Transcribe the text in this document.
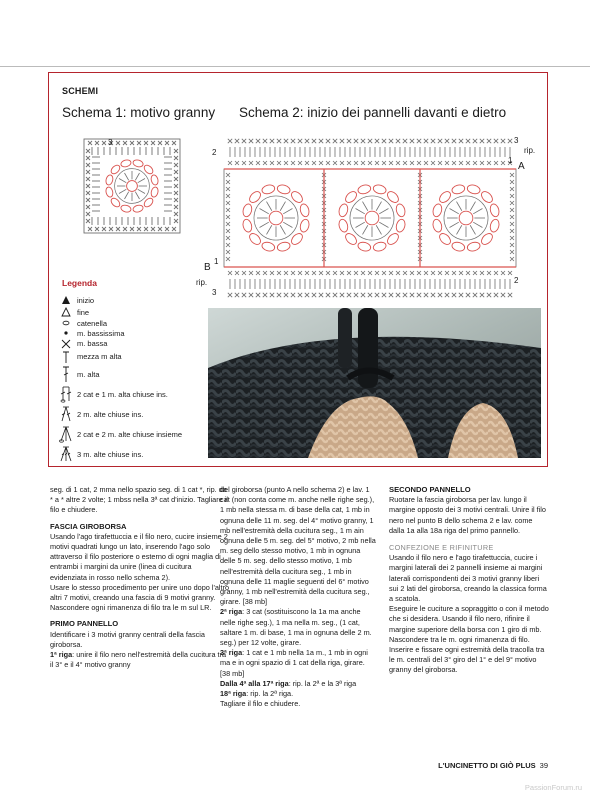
SCHEMI
Schema 1: motivo granny Schema 2: inizio dei pannelli davanti e dietro
3	3
rip.
2
A
1
B
1
rip.	2
3
Legenda
inizio
fine
catenella
m. bassissima
m. bassa
mezza m alta
m. alta
2 cat e 1 m. alta chiuse ins.
2 m. alte chiuse ins.
2 cat e 2 m. alte chiuse insieme
3 m. alte chiuse ins.

seg. di 1 cat, 2 mma nello spazio seg. di 1 cat *, rip. da * a * altre 2 volte; 1 mbss nella 3ª cat d'inizio. Tagliare il filo e chiudere.

FASCIA GIROBORSA

Usando l'ago tirafettuccia e il filo nero, cucire insieme 2 motivi quadrati lungo un lato, inserendo l'ago solo attraverso il filo posteriore o esterno di ogni maglia di entrambi i margini da unire (linea di cucitura evidenziata in rosso nello schema 2).

Usare lo stesso procedimento per unire uno dopo l'altro altri 7 motivi, creando una fascia di 9 motivi granny.

Nascondere ogni rimanenza di filo tra le m sul LR.

PRIMO PANNELLO

Identificare i 3 motivi granny centrali della fascia giroborsa.

1ª riga: unire il filo nero nell'estremità della cucitura tra il 3° e il 4° motivo granny

del giroborsa (punto A nello schema 2) e lav. 1 cat (non conta come m. anche nelle righe seg.), 1 mb nella stessa m. di base della cat, 1 mb in ognuna delle 11 m. seg. del 4° motivo granny, 1 mb nell'estremità della cucitura seg., 1 m ain ognuna delle 5 m. seg. del 5° motivo, 2 mb nella m. seg dello stesso motivo, 1 mb in ognuna delle 5 m. seg. dello stesso motivo, 1 mb nell'estremità della cucitura seg., 1 mb in ognuna delle 11 maglie seguenti del 6° motivo granny, 1 mb nell'estremità della cucitura seg., girare. [38 mb]

2ª riga: 3 cat (sostituiscono la 1a ma anche nelle righe seg.), 1 ma nella m. seg., (1 cat, saltare 1 m. di base, 1 ma in ognuna delle 2 m. seg.) per 12 volte, girare.

3ª riga: 1 cat e 1 mb nella 1a m., 1 mb in ogni ma e in ogni spazio di 1 cat della riga, girare. [38 mb]

Dalla 4ª alla 17ª riga: rip. la 2ª e la 3ª riga

18ª riga: rip. la 2ª riga.

Tagliare il filo e chiudere.

SECONDO PANNELLO

Ruotare la fascia giroborsa per lav. lungo il margine opposto dei 3 motivi centrali. Unire il filo nero nel punto B dello schema 2 e lav. come dalla 1a alla 18a riga del primo pannello.

CONFEZIONE E RIFINITURE

Usando il filo nero e l'ago tirafettuccia, cucire i margini laterali dei 2 pannelli insieme ai margini laterali corrispondenti dei 3 motivi granny liberi sui 2 lati del giroborsa, creando la classica forma a scatola.

Eseguire le cuciture a sopraggitto o con il metodo che si desidera. Usando il filo nero, rifinire il margine superiore della borsa con 1 giro di mb.

Nascondere tra le m. ogni rimanenza di filo.

Inserire e fissare ogni estremità della tracolla tra le m. centrali del 3° giro del 1° e del 9° motivo granny del giroborsa.

L'UNCINETTO DI GIÒ PLUS 39
PassionForum.ru
